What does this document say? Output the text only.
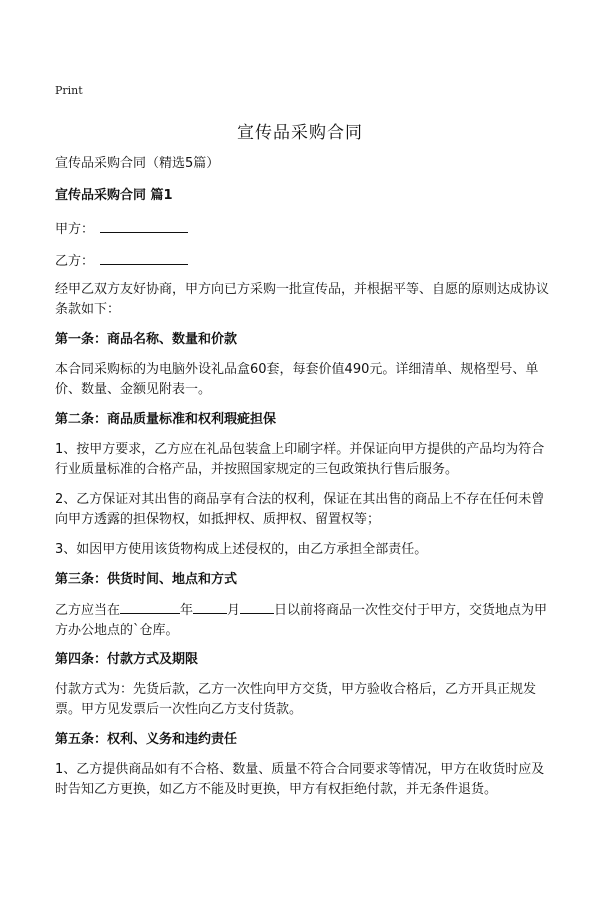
Print
宣传品采购合同
宣传品采购合同（精选5篇）
宣传品采购合同 篇1
甲方：
乙方：
经甲乙双方友好协商，甲方向已方采购一批宣传品，并根据平等、自愿的原则达成协议条款如下：
第一条：商品名称、数量和价款
本合同采购标的为电脑外设礼品盒60套，每套价值490元。详细清单、规格型号、单价、数量、金额见附表一。
第二条：商品质量标准和权利瑕疵担保
1、按甲方要求，乙方应在礼品包装盒上印刷字样。并保证向甲方提供的产品均为符合行业质量标准的合格产品，并按照国家规定的三包政策执行售后服务。
2、乙方保证对其出售的商品享有合法的权利，保证在其出售的商品上不存在任何未曾向甲方透露的担保物权，如抵押权、质押权、留置权等；
3、如因甲方使用该货物构成上述侵权的，由乙方承担全部责任。
第三条：供货时间、地点和方式
乙方应当在	年	月	日以前将商品一次性交付于甲方，交货地点为甲方办公地点的`仓库。
第四条：付款方式及期限
付款方式为：先货后款，乙方一次性向甲方交货，甲方验收合格后，乙方开具正规发票。甲方见发票后一次性向乙方支付货款。
第五条：权利、义务和违约责任
1、乙方提供商品如有不合格、数量、质量不符合合同要求等情况，甲方在收货时应及时告知乙方更换，如乙方不能及时更换，甲方有权拒绝付款，并无条件退货。
